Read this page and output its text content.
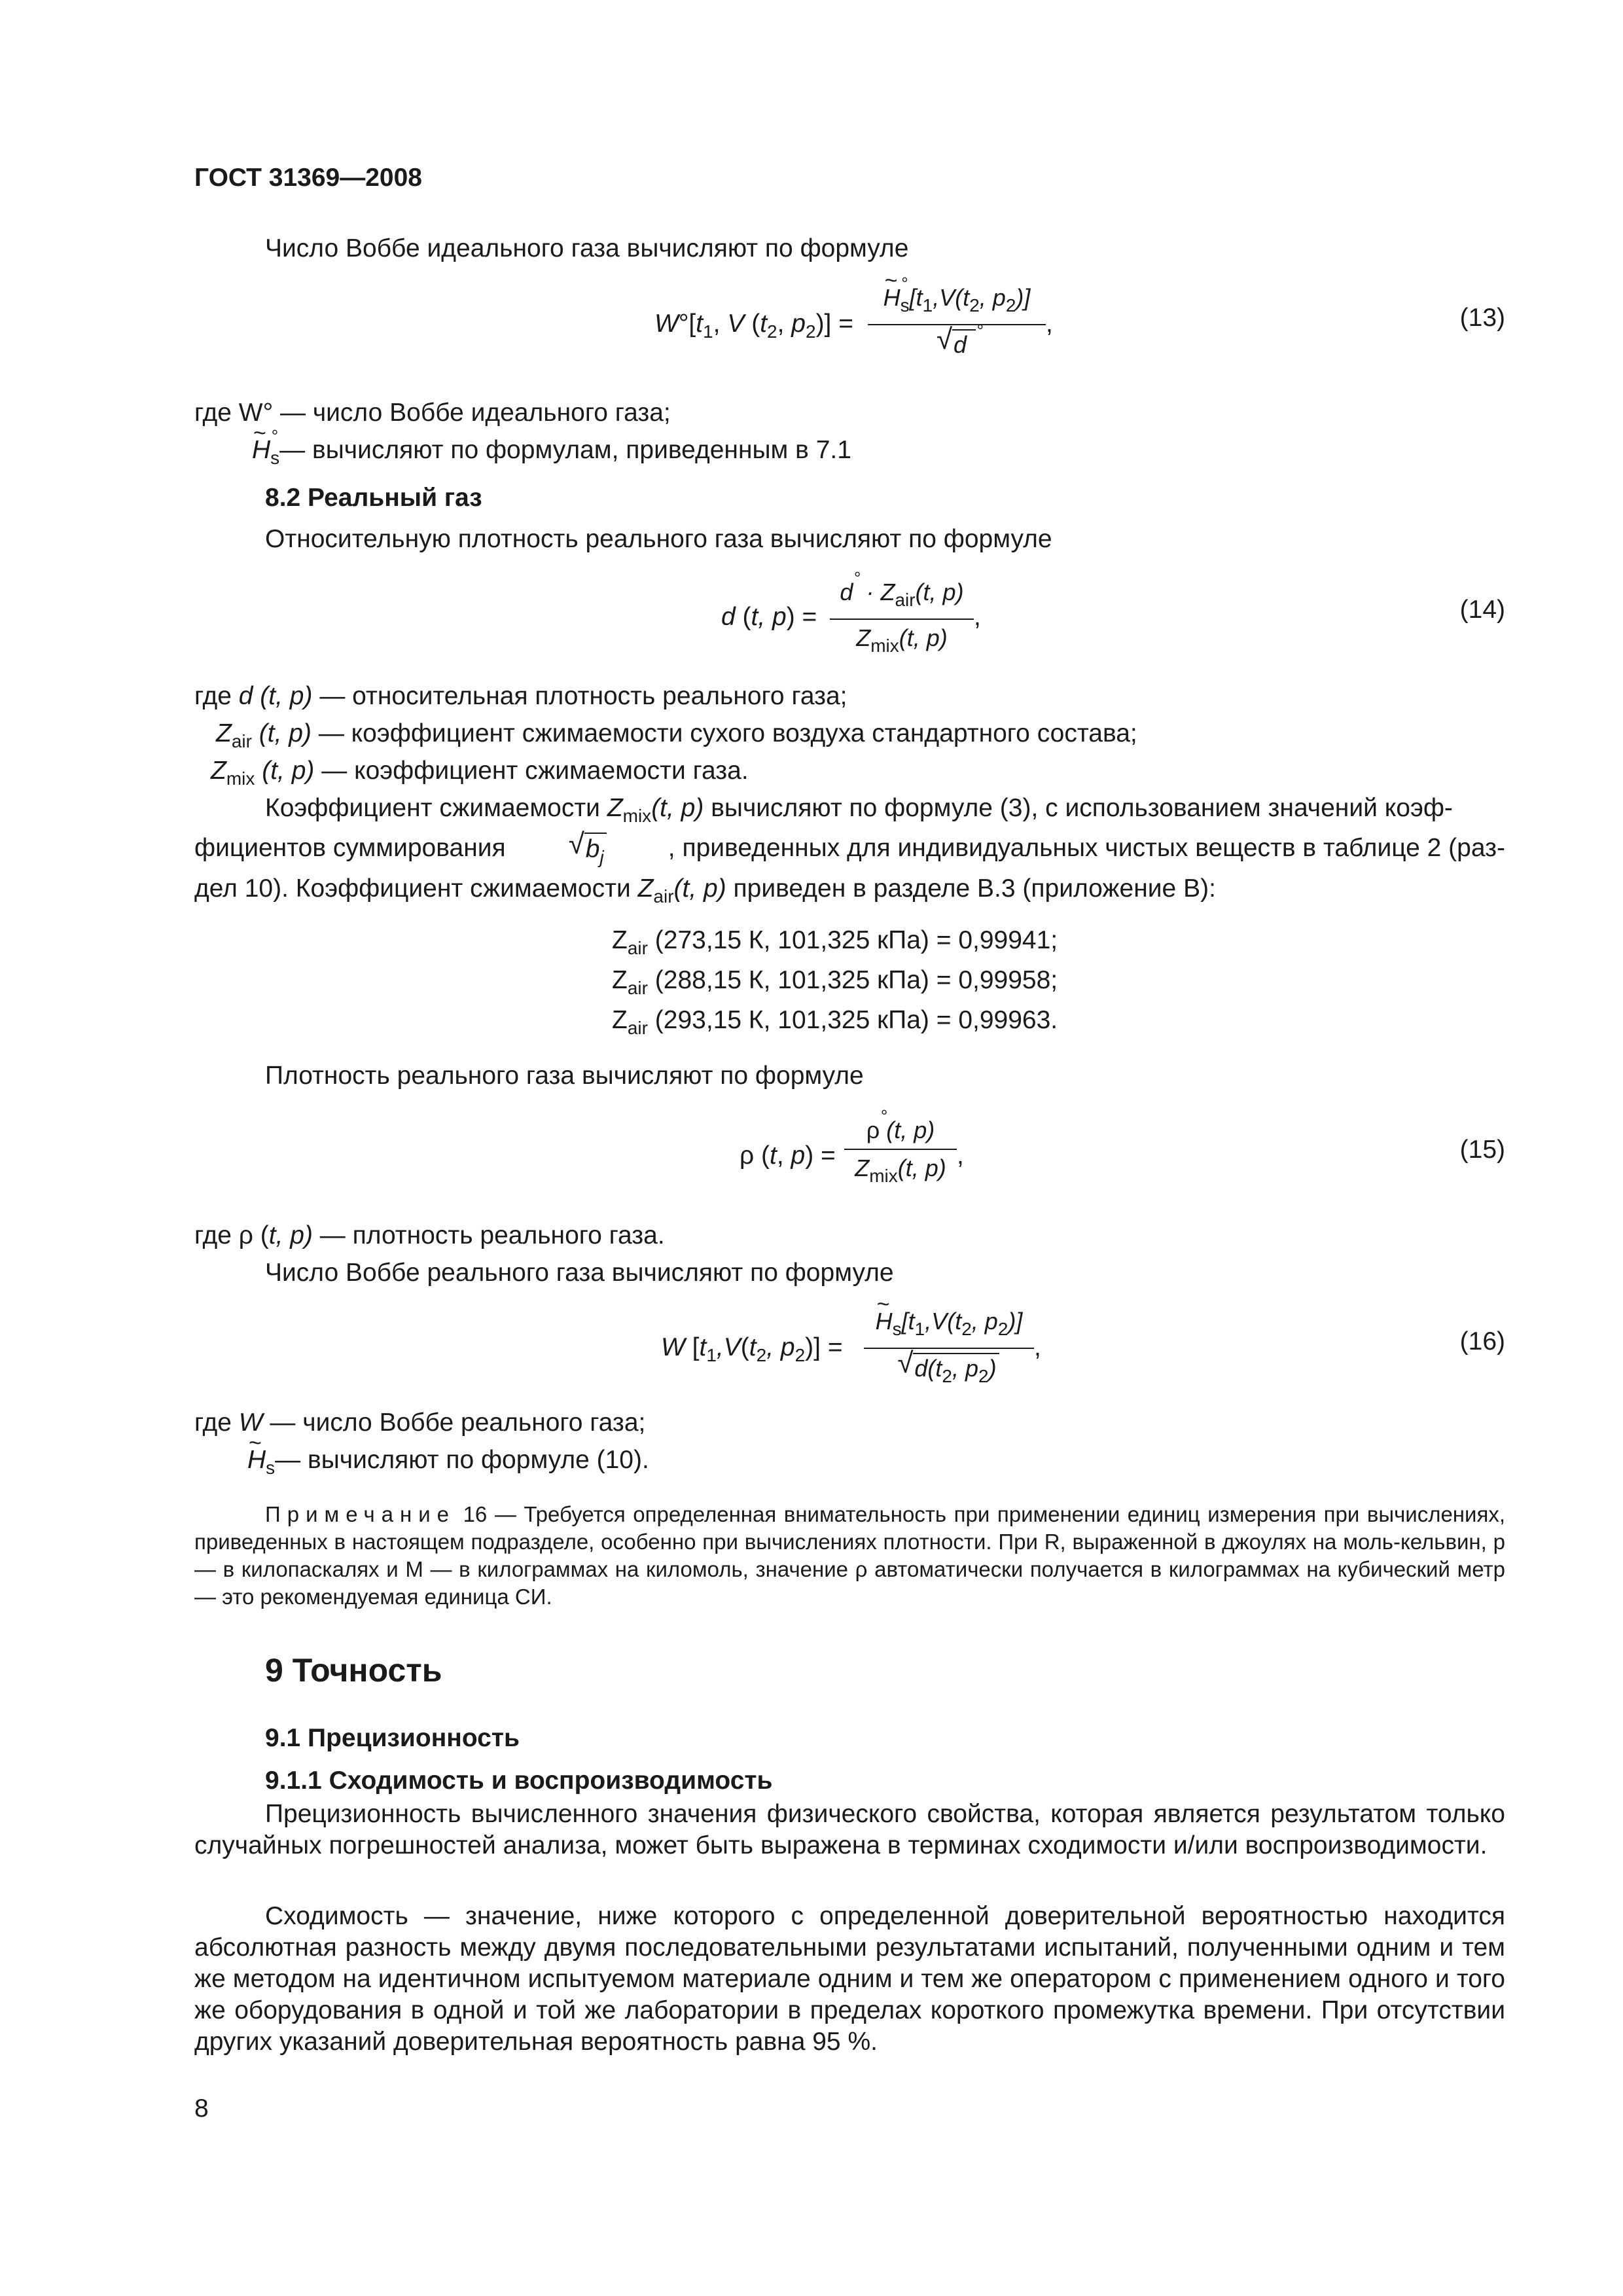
ГОСТ 31369—2008
Число Воббе идеального газа вычисляют по формуле
$W^\circ[t_1$, V ($t_2$, $p_2$)] =
~ H $^\circ_s[t_1,V(t_2$, $p_2$)]
√ d  °
,	(13)
где W° — число Воббе идеального газа;
~ H $^\circ_s—$ вычисляют по формулам, приведенным в 7.1
8.2 Реальный газ
Относительную плотность реального газа вычисляют по формуле
d (t, p) =
d °  · $Z_{air}(t$, p)
$Z_{mix}(t$, p)
,	(14)
где d (t, p) — относительная плотность реального газа;
$Z_{air}$ (t, p) — коэффициент сжимаемости сухого воздуха стандартного состава;
$Z_{mix}$ (t, p) — коэффициент сжимаемости газа.
Коэффициент сжимаемости $Z_{mix}(t$, p) вычисляют по формуле (3), с использованием значений коэф-
фициентов суммирования
√	$b_j$	, приведенных для индивидуальных чистых веществ в таблице 2 (раз-
дел 10). Коэффициент сжимаемости $Z_{air}(t$, p) приведен в разделе В.3 (приложение В):
$Z_{air}$ (273,15 К, 101,325 кПа) = 0,99941;
$Z_{air}$ (288,15 К, 101,325 кПа) = 0,99958;
$Z_{air}$ (293,15 К, 101,325 кПа) = 0,99963.
Плотность реального газа вычисляют по формуле
ρ (t, p) =
ρ ° (t, p)
$Z_{mix}(t$, p) ,	(15)
где ρ (t, p) — плотность реального газа.
Число Воббе реального газа вычисляют по формуле
W [$t_1,V(t_2$, $p_2$)] =
~ $H_s[t_1,V(t_2$, $p_2$)]
√ $d(t_2$, $p_2$)
,	(16)
где W — число Воббе реального газа;
~ $H_s—$ вычисляют по формуле (10).
Примечание 16 — Требуется определенная внимательность при применении единиц измерения при вычислениях, приведенных в настоящем подразделе, особенно при вычислениях плотности. При R, выраженной в джоулях на моль-кельвин, p — в килопаскалях и M — в килограммах на киломоль, значение ρ автоматически получается в килограммах на кубический метр — это рекомендуемая единица СИ.
9 Точность
9.1 Прецизионность
9.1.1 Сходимость и воспроизводимость
Прецизионность вычисленного значения физического свойства, которая является результатом только случайных погрешностей анализа, может быть выражена в терминах сходимости и/или воспроизводимости.
Сходимость — значение, ниже которого с определенной доверительной вероятностью находится абсолютная разность между двумя последовательными результатами испытаний, полученными одним и тем же методом на идентичном испытуемом материале одним и тем же оператором с применением одного и того же оборудования в одной и той же лаборатории в пределах короткого промежутка времени. При отсутствии других указаний доверительная вероятность равна 95 %.
8
